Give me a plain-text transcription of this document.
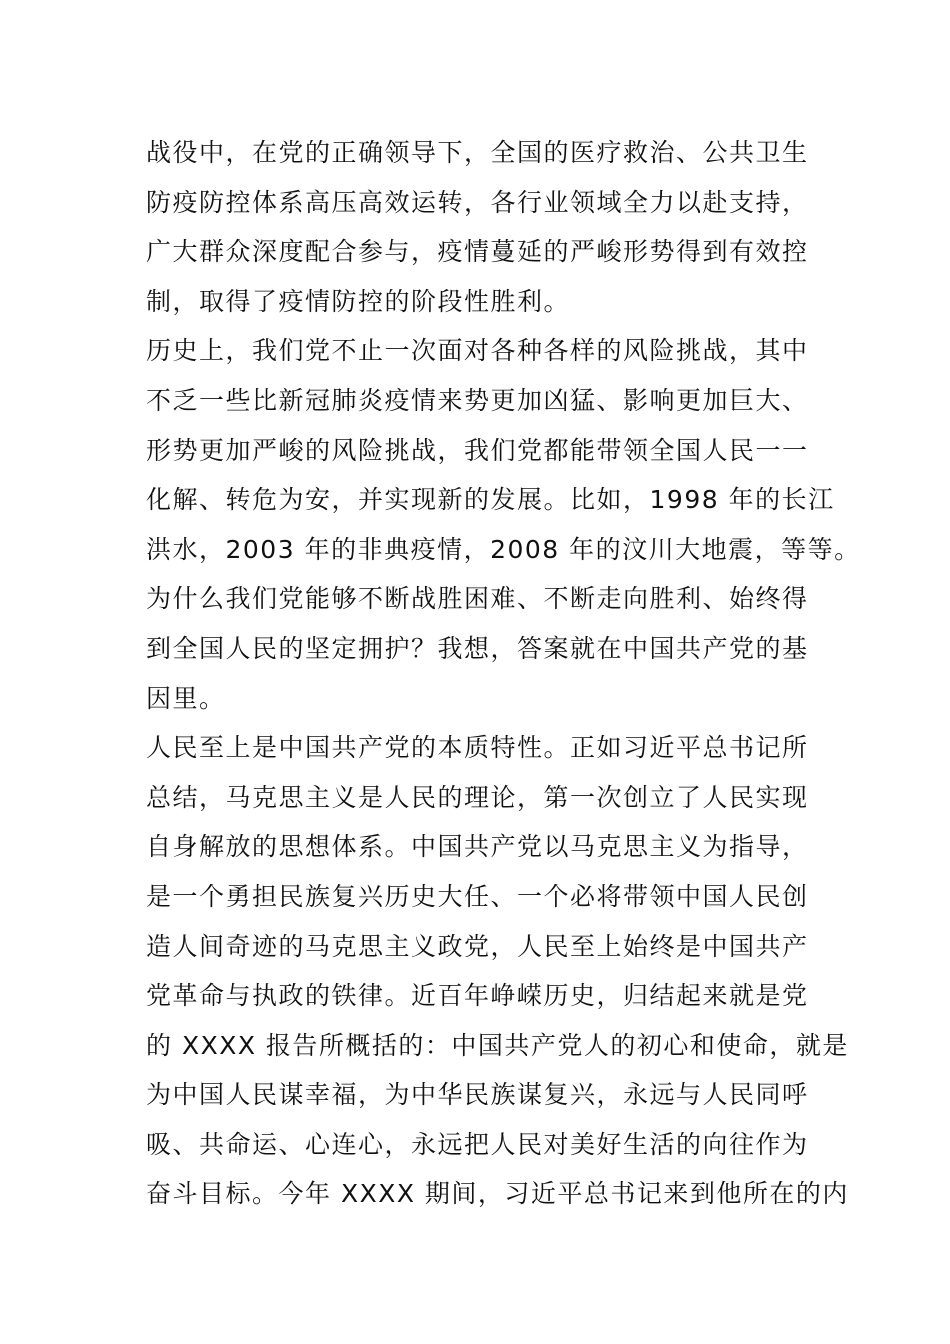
战役中，在党的正确领导下，全国的医疗救治、公共卫生
防疫防控体系高压高效运转，各行业领域全力以赴支持，
广大群众深度配合参与，疫情蔓延的严峻形势得到有效控
制，取得了疫情防控的阶段性胜利。
历史上，我们党不止一次面对各种各样的风险挑战，其中
不乏一些比新冠肺炎疫情来势更加凶猛、影响更加巨大、
形势更加严峻的风险挑战，我们党都能带领全国人民一一
化解、转危为安，并实现新的发展。比如，1998 年的长江
洪水，2003 年的非典疫情，2008 年的汶川大地震，等等。
为什么我们党能够不断战胜困难、不断走向胜利、始终得
到全国人民的坚定拥护？我想，答案就在中国共产党的基
因里。
人民至上是中国共产党的本质特性。正如习近平总书记所
总结，马克思主义是人民的理论，第一次创立了人民实现
自身解放的思想体系。中国共产党以马克思主义为指导，
是一个勇担民族复兴历史大任、一个必将带领中国人民创
造人间奇迹的马克思主义政党，人民至上始终是中国共产
党革命与执政的铁律。近百年峥嵘历史，归结起来就是党
的 XXXX 报告所概括的：中国共产党人的初心和使命，就是
为中国人民谋幸福，为中华民族谋复兴，永远与人民同呼
吸、共命运、心连心，永远把人民对美好生活的向往作为
奋斗目标。今年 XXXX 期间，习近平总书记来到他所在的内
